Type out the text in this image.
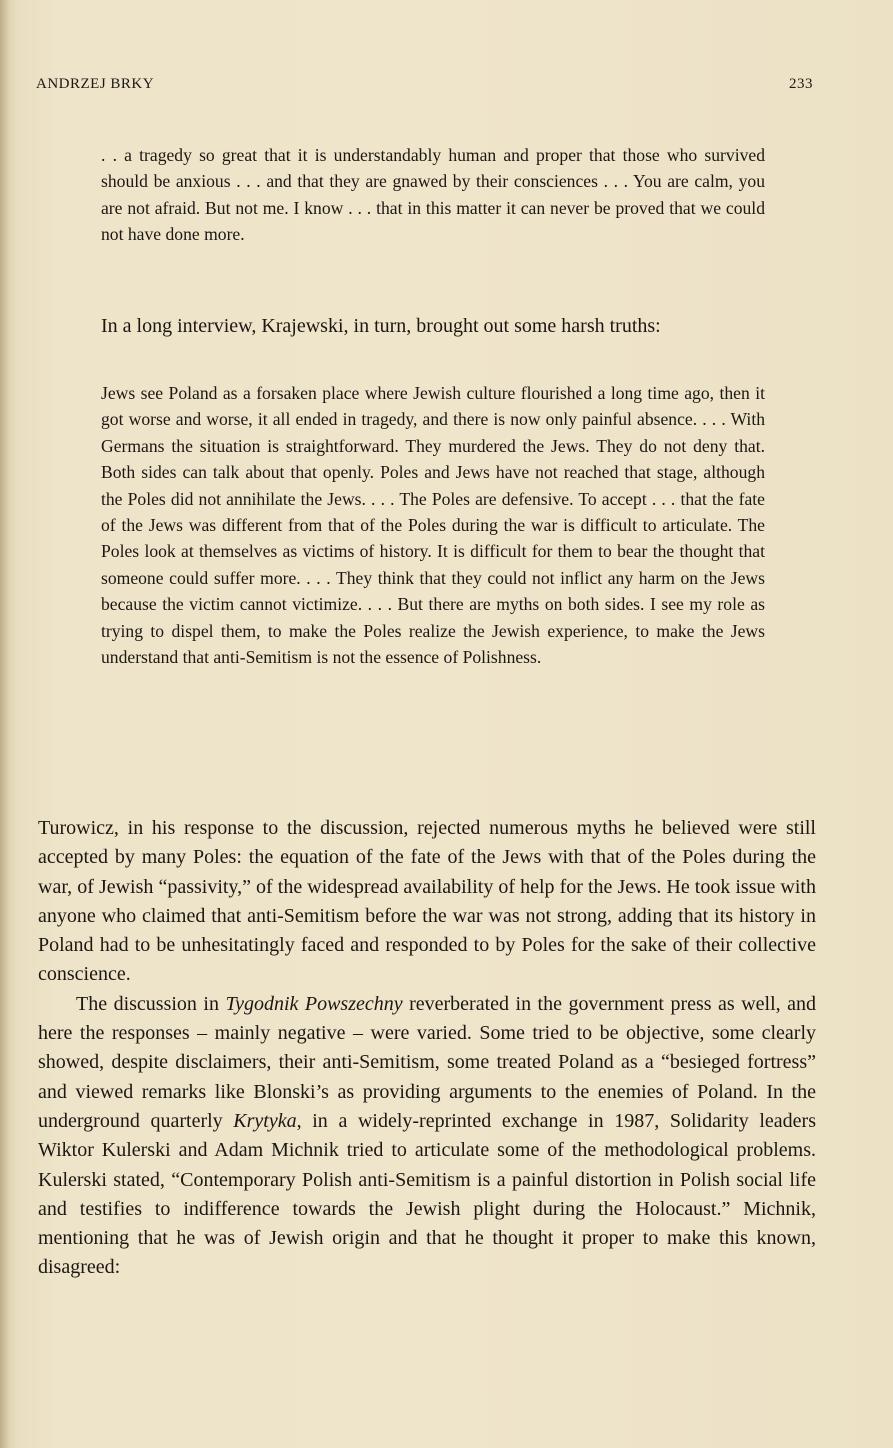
ANDRZEJ BRKY	233

. . a tragedy so great that it is understandably human and proper that those who survived should be anxious . . . and that they are gnawed by their consciences . . . You are calm, you are not afraid. But not me. I know . . . that in this matter it can never be proved that we could not have done more.

In a long interview, Krajewski, in turn, brought out some harsh truths:

Jews see Poland as a forsaken place where Jewish culture flourished a long time ago, then it got worse and worse, it all ended in tragedy, and there is now only painful absence. . . . With Germans the situation is straightforward. They murdered the Jews. They do not deny that. Both sides can talk about that openly. Poles and Jews have not reached that stage, although the Poles did not annihilate the Jews. . . . The Poles are defensive. To accept . . . that the fate of the Jews was different from that of the Poles during the war is difficult to articulate. The Poles look at themselves as victims of history. It is difficult for them to bear the thought that someone could suffer more. . . . They think that they could not inflict any harm on the Jews because the victim cannot victimize. . . . But there are myths on both sides. I see my role as trying to dispel them, to make the Poles realize the Jewish experience, to make the Jews understand that anti-Semitism is not the essence of Polishness.

Turowicz, in his response to the discussion, rejected numerous myths he believed were still accepted by many Poles: the equation of the fate of the Jews with that of the Poles during the war, of Jewish “passivity,” of the widespread availability of help for the Jews. He took issue with anyone who claimed that anti-Semitism before the war was not strong, adding that its history in Poland had to be unhesitatingly faced and responded to by Poles for the sake of their collective conscience.

The discussion in Tygodnik Powszechny reverberated in the government press as well, and here the responses – mainly negative – were varied. Some tried to be objective, some clearly showed, despite disclaimers, their anti-Semitism, some treated Poland as a “besieged fortress” and viewed remarks like Blonski’s as providing arguments to the enemies of Poland. In the underground quarterly Krytyka, in a widely-reprinted exchange in 1987, Solidarity leaders Wiktor Kulerski and Adam Michnik tried to articulate some of the methodological problems. Kulerski stated, “Contemporary Polish anti-Semitism is a painful distortion in Polish social life and testifies to indifference towards the Jewish plight during the Holocaust.” Michnik, mentioning that he was of Jewish origin and that he thought it proper to make this known, disagreed:
